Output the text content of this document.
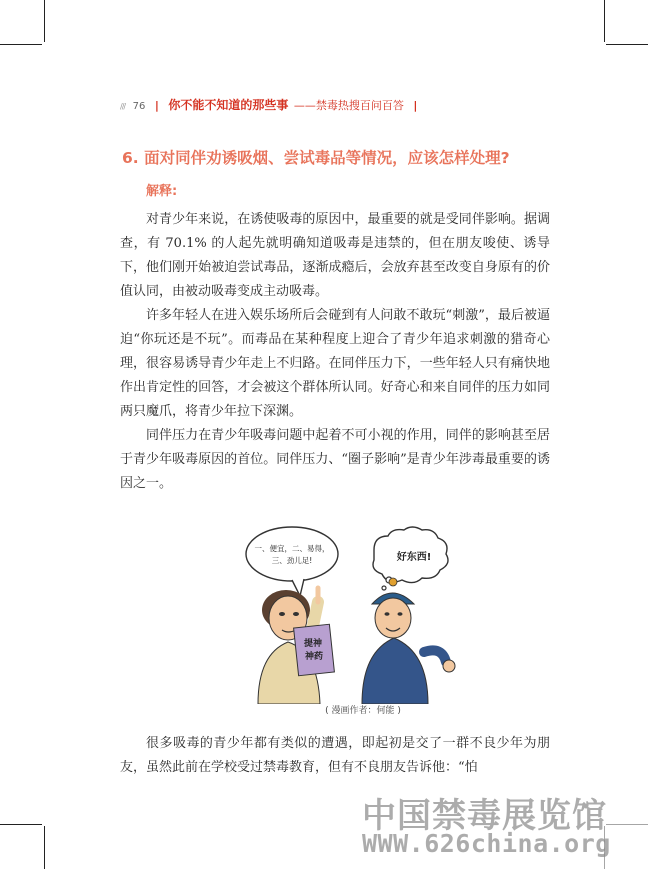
/// 76 | 你不能不知道的那些事 ——禁毒热搜百问百答 |
6. 面对同伴劝诱吸烟、尝试毒品等情况，应该怎样处理?
解释:

对青少年来说，在诱使吸毒的原因中，最重要的就是受同伴影响。据调查，有 70.1% 的人起先就明确知道吸毒是违禁的，但在朋友唆使、诱导下，他们刚开始被迫尝试毒品，逐渐成瘾后，会放弃甚至改变自身原有的价值认同，由被动吸毒变成主动吸毒。

许多年轻人在进入娱乐场所后会碰到有人问敢不敢玩“刺激”，最后被逼迫“你玩还是不玩”。而毒品在某种程度上迎合了青少年追求刺激的猎奇心理，很容易诱导青少年走上不归路。在同伴压力下，一些年轻人只有痛快地作出肯定性的回答，才会被这个群体所认同。好奇心和来自同伴的压力如同两只魔爪，将青少年拉下深渊。

同伴压力在青少年吸毒问题中起着不可小视的作用，同伴的影响甚至居于青少年吸毒原因的首位。同伴压力、“圈子影响”是青少年涉毒最重要的诱因之一。

一、便宜，二、易得，
三、劲儿足!	好东西!
提神
神药
( 漫画作者：何能 )

很多吸毒的青少年都有类似的遭遇，即起初是交了一群不良少年为朋友，虽然此前在学校受过禁毒教育，但有不良朋友告诉他：“怕

中国禁毒展览馆
WWW.626china.org
